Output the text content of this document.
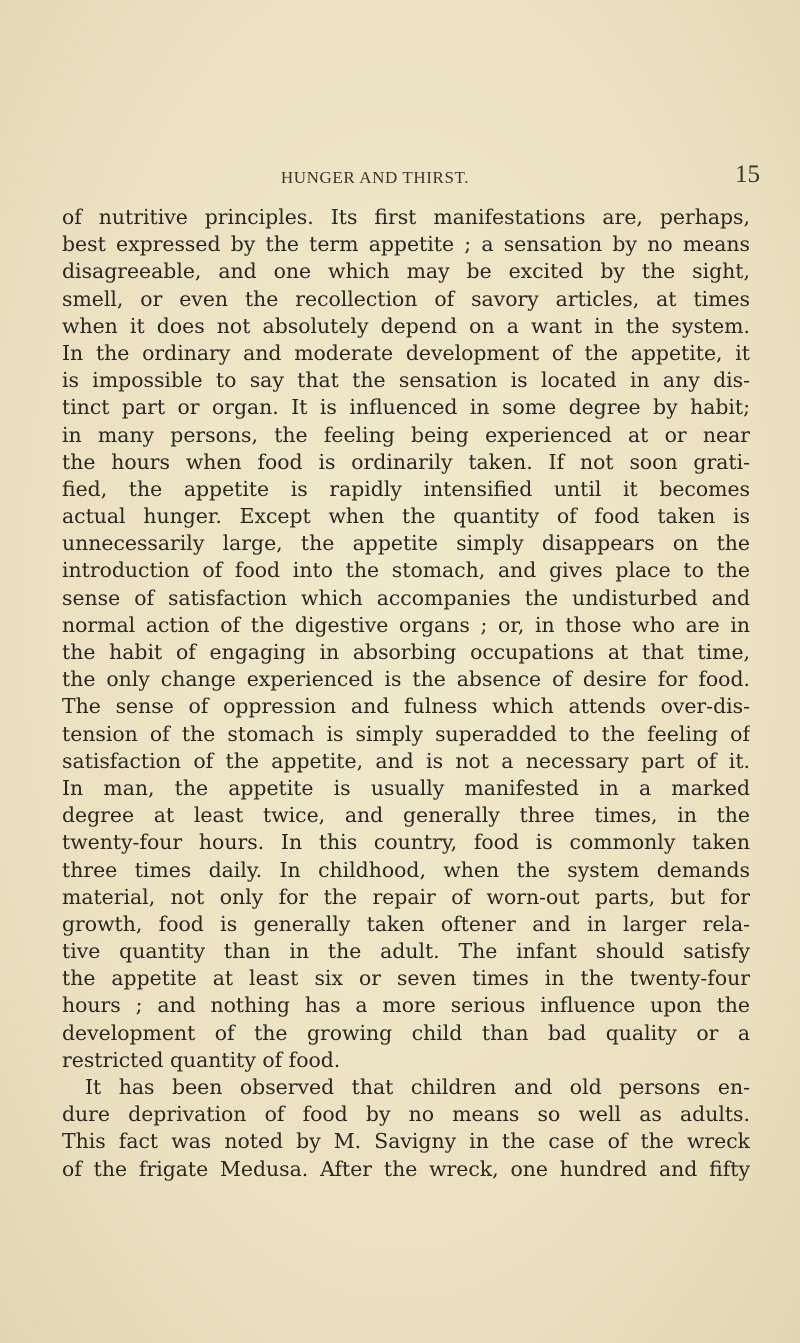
HUNGER AND THIRST.	15
of nutritive principles. Its first manifestations are, perhaps,
best expressed by the term appetite ; a sensation by no means
disagreeable, and one which may be excited by the sight,
smell, or even the recollection of savory articles, at times
when it does not absolutely depend on a want in the system.
In the ordinary and moderate development of the appetite, it
is impossible to say that the sensation is located in any dis-
tinct part or organ. It is influenced in some degree by habit;
in many persons, the feeling being experienced at or near
the hours when food is ordinarily taken. If not soon grati-
fied, the appetite is rapidly intensified until it becomes
actual hunger. Except when the quantity of food taken is
unnecessarily large, the appetite simply disappears on the
introduction of food into the stomach, and gives place to the
sense of satisfaction which accompanies the undisturbed and
normal action of the digestive organs ; or, in those who are in
the habit of engaging in absorbing occupations at that time,
the only change experienced is the absence of desire for food.
The sense of oppression and fulness which attends over-dis-
tension of the stomach is simply superadded to the feeling of
satisfaction of the appetite, and is not a necessary part of it.
In man, the appetite is usually manifested in a marked
degree at least twice, and generally three times, in the
twenty-four hours. In this country, food is commonly taken
three times daily. In childhood, when the system demands
material, not only for the repair of worn-out parts, but for
growth, food is generally taken oftener and in larger rela-
tive quantity than in the adult. The infant should satisfy
the appetite at least six or seven times in the twenty-four
hours ; and nothing has a more serious influence upon the
development of the growing child than bad quality or a
restricted quantity of food.
It has been observed that children and old persons en-
dure deprivation of food by no means so well as adults.
This fact was noted by M. Savigny in the case of the wreck
of the frigate Medusa. After the wreck, one hundred and fifty
